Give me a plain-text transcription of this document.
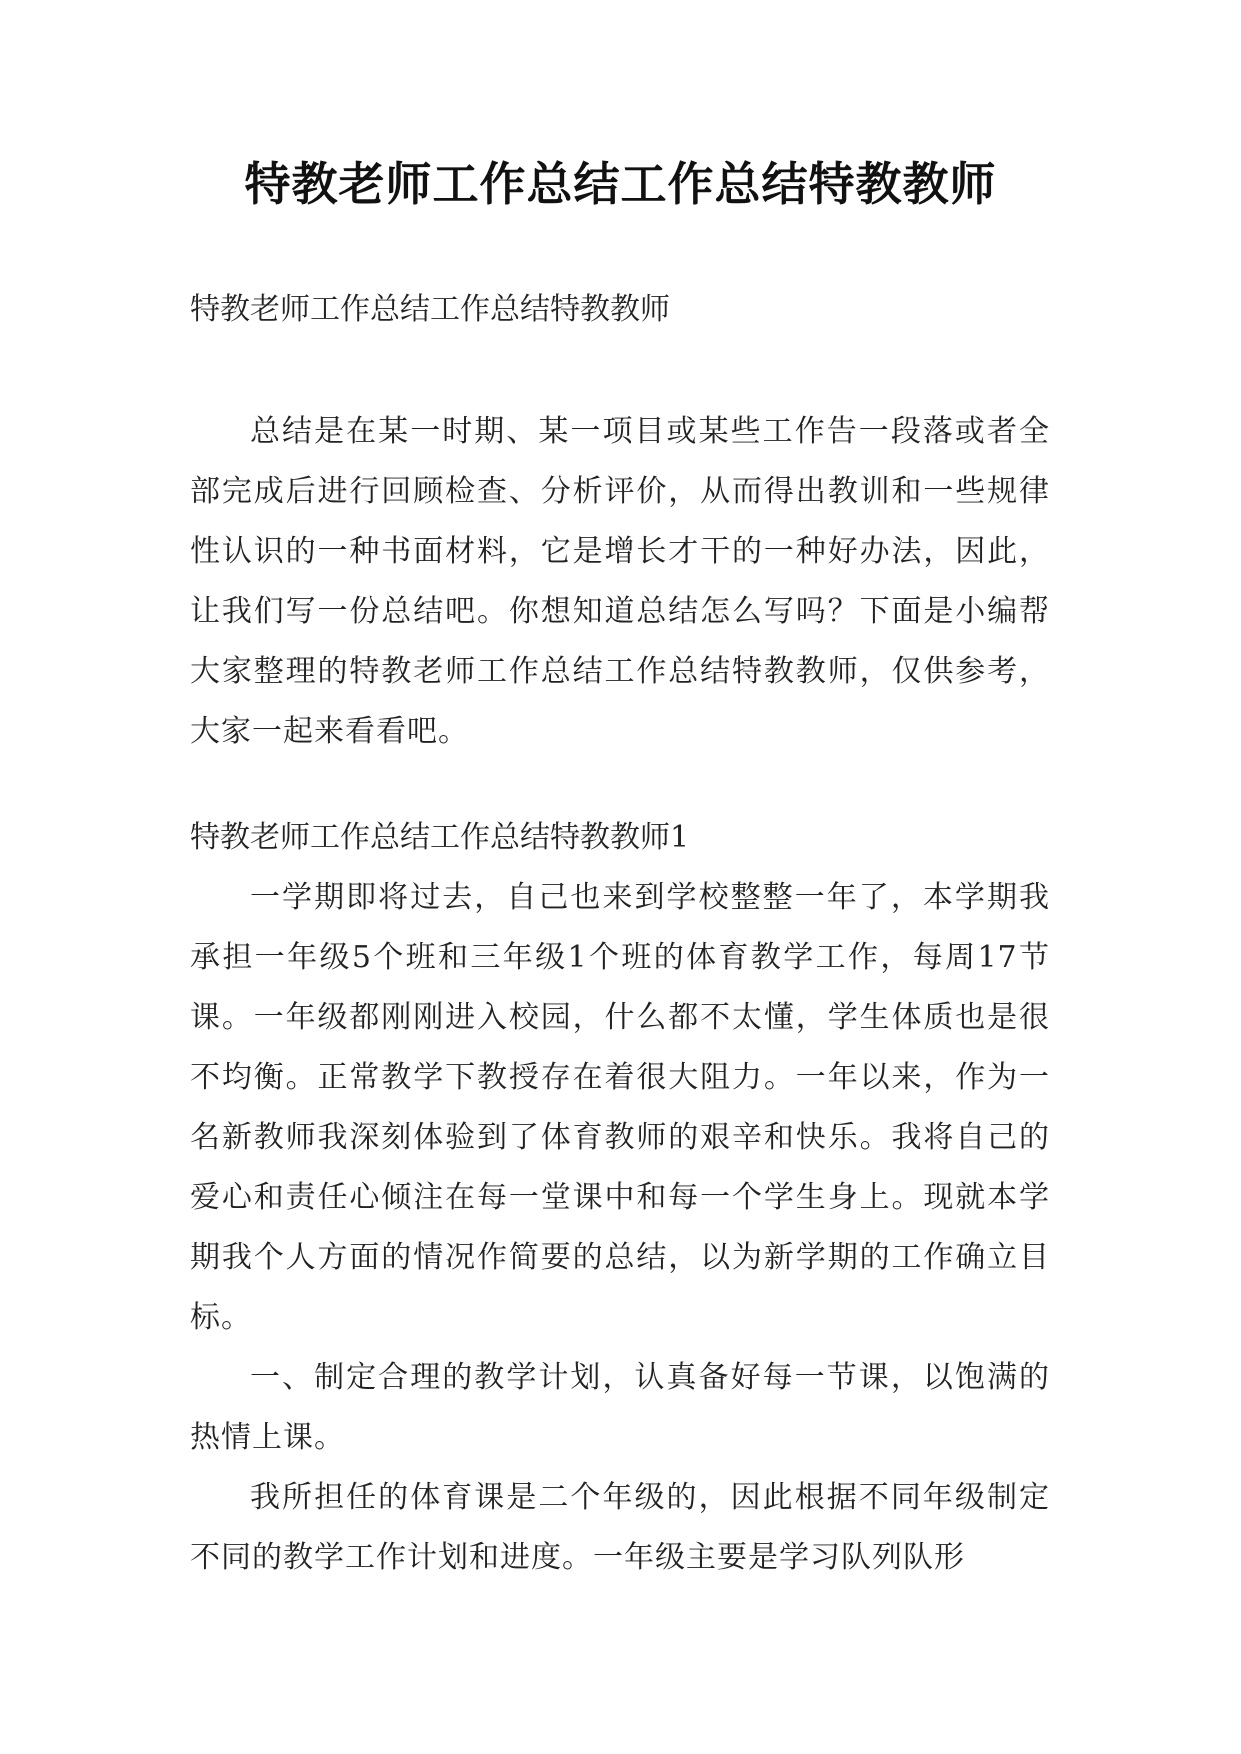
特教老师工作总结工作总结特教教师
特教老师工作总结工作总结特教教师

总结是在某一时期、某一项目或某些工作告一段落或者全部完成后进行回顾检查、分析评价，从而得出教训和一些规律性认识的一种书面材料，它是增长才干的一种好办法，因此，让我们写一份总结吧。你想知道总结怎么写吗？下面是小编帮大家整理的特教老师工作总结工作总结特教教师，仅供参考，大家一起来看看吧。

特教老师工作总结工作总结特教教师1

一学期即将过去，自己也来到学校整整一年了，本学期我承担一年级5个班和三年级1个班的体育教学工作，每周17节课。一年级都刚刚进入校园，什么都不太懂，学生体质也是很不均衡。正常教学下教授存在着很大阻力。一年以来，作为一名新教师我深刻体验到了体育教师的艰辛和快乐。我将自己的爱心和责任心倾注在每一堂课中和每一个学生身上。现就本学期我个人方面的情况作简要的总结，以为新学期的工作确立目标。

一、制定合理的教学计划，认真备好每一节课，以饱满的热情上课。

我所担任的体育课是二个年级的，因此根据不同年级制定不同的教学工作计划和进度。一年级主要是学习队列队形
